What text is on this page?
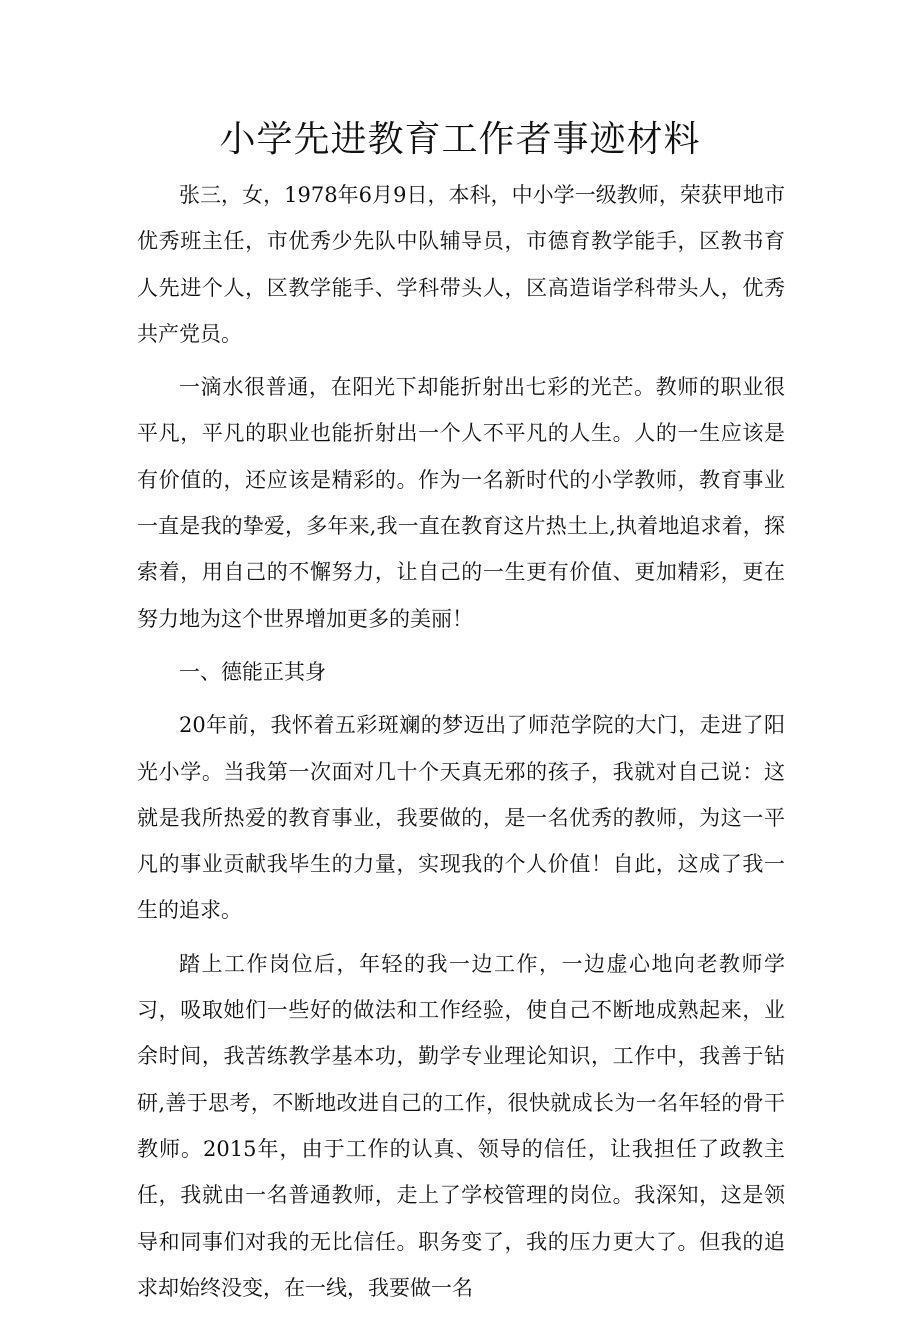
小学先进教育工作者事迹材料

张三，女，1978年6月9日，本科，中小学一级教师，荣获甲地市优秀班主任，市优秀少先队中队辅导员，市德育教学能手，区教书育人先进个人，区教学能手、学科带头人，区高造诣学科带头人，优秀共产党员。

一滴水很普通，在阳光下却能折射出七彩的光芒。教师的职业很平凡，平凡的职业也能折射出一个人不平凡的人生。人的一生应该是有价值的，还应该是精彩的。作为一名新时代的小学教师，教育事业一直是我的挚爱，多年来,我一直在教育这片热土上,执着地追求着，探索着，用自己的不懈努力，让自己的一生更有价值、更加精彩，更在努力地为这个世界增加更多的美丽！

一、德能正其身

20年前，我怀着五彩斑斓的梦迈出了师范学院的大门，走进了阳光小学。当我第一次面对几十个天真无邪的孩子，我就对自己说：这就是我所热爱的教育事业，我要做的，是一名优秀的教师，为这一平凡的事业贡献我毕生的力量，实现我的个人价值！自此，这成了我一生的追求。

踏上工作岗位后，年轻的我一边工作，一边虚心地向老教师学习，吸取她们一些好的做法和工作经验，使自己不断地成熟起来，业余时间，我苦练教学基本功，勤学专业理论知识，工作中，我善于钻研,善于思考，不断地改进自己的工作，很快就成长为一名年轻的骨干教师。2015年，由于工作的认真、领导的信任，让我担任了政教主任，我就由一名普通教师，走上了学校管理的岗位。我深知，这是领导和同事们对我的无比信任。职务变了，我的压力更大了。但我的追求却始终没变，在一线，我要做一名
